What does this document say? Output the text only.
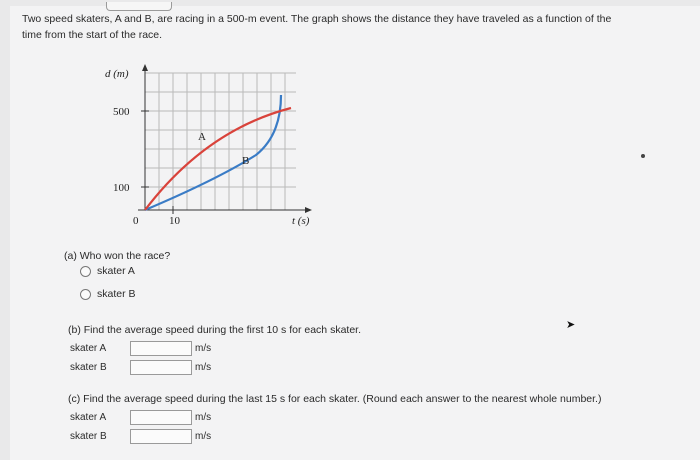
Two speed skaters, A and B, are racing in a 500-m event. The graph shows the distance they have traveled as a function of the
time from the start of the race.
d (m)
500
100
0	10	t (s)
A
B
(a) Who won the race?
skater A
skater B
(b) Find the average speed during the first 10 s for each skater.
skater A	m/s
skater B	m/s
(c) Find the average speed during the last 15 s for each skater. (Round each answer to the nearest whole number.)
skater A	m/s
skater B	m/s
➤
